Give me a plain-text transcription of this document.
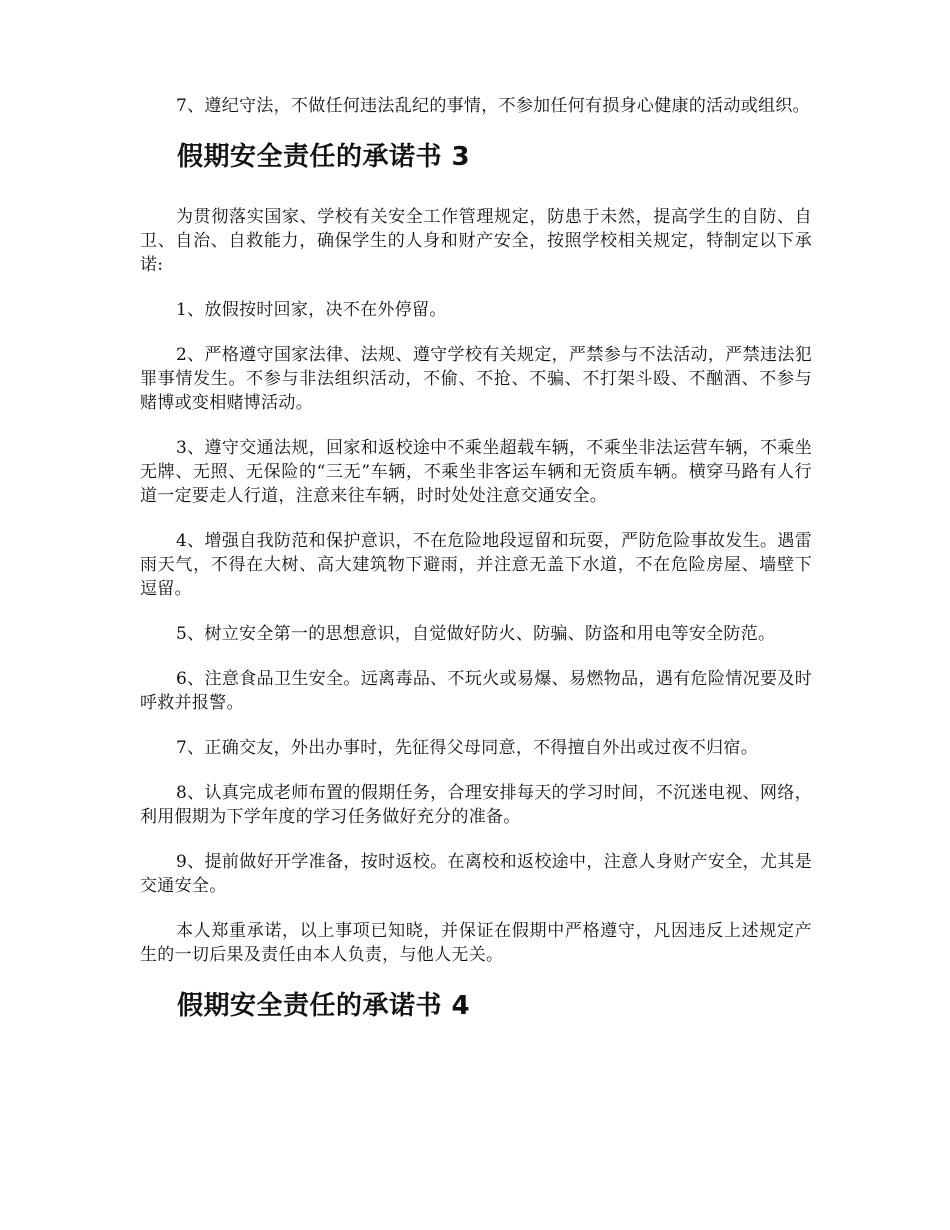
7、遵纪守法，不做任何违法乱纪的事情，不参加任何有损身心健康的活动或组织。

假期安全责任的承诺书 3

为贯彻落实国家、学校有关安全工作管理规定，防患于未然，提高学生的自防、自卫、自治、自救能力，确保学生的人身和财产安全，按照学校相关规定，特制定以下承诺:

1、放假按时回家，决不在外停留。

2、严格遵守国家法律、法规、遵守学校有关规定，严禁参与不法活动，严禁违法犯罪事情发生。不参与非法组织活动，不偷、不抢、不骗、不打架斗殴、不酗酒、不参与赌博或变相赌博活动。

3、遵守交通法规，回家和返校途中不乘坐超载车辆，不乘坐非法运营车辆，不乘坐无牌、无照、无保险的“三无”车辆，不乘坐非客运车辆和无资质车辆。横穿马路有人行道一定要走人行道，注意来往车辆，时时处处注意交通安全。

4、增强自我防范和保护意识，不在危险地段逗留和玩耍，严防危险事故发生。遇雷雨天气，不得在大树、高大建筑物下避雨，并注意无盖下水道，不在危险房屋、墙壁下逗留。

5、树立安全第一的思想意识，自觉做好防火、防骗、防盗和用电等安全防范。

6、注意食品卫生安全。远离毒品、不玩火或易爆、易燃物品，遇有危险情况要及时呼救并报警。

7、正确交友，外出办事时，先征得父母同意，不得擅自外出或过夜不归宿。

8、认真完成老师布置的假期任务，合理安排每天的学习时间，不沉迷电视、网络，利用假期为下学年度的学习任务做好充分的准备。

9、提前做好开学准备，按时返校。在离校和返校途中，注意人身财产安全，尤其是交通安全。

本人郑重承诺，以上事项已知晓，并保证在假期中严格遵守，凡因违反上述规定产生的一切后果及责任由本人负责，与他人无关。

假期安全责任的承诺书 4
